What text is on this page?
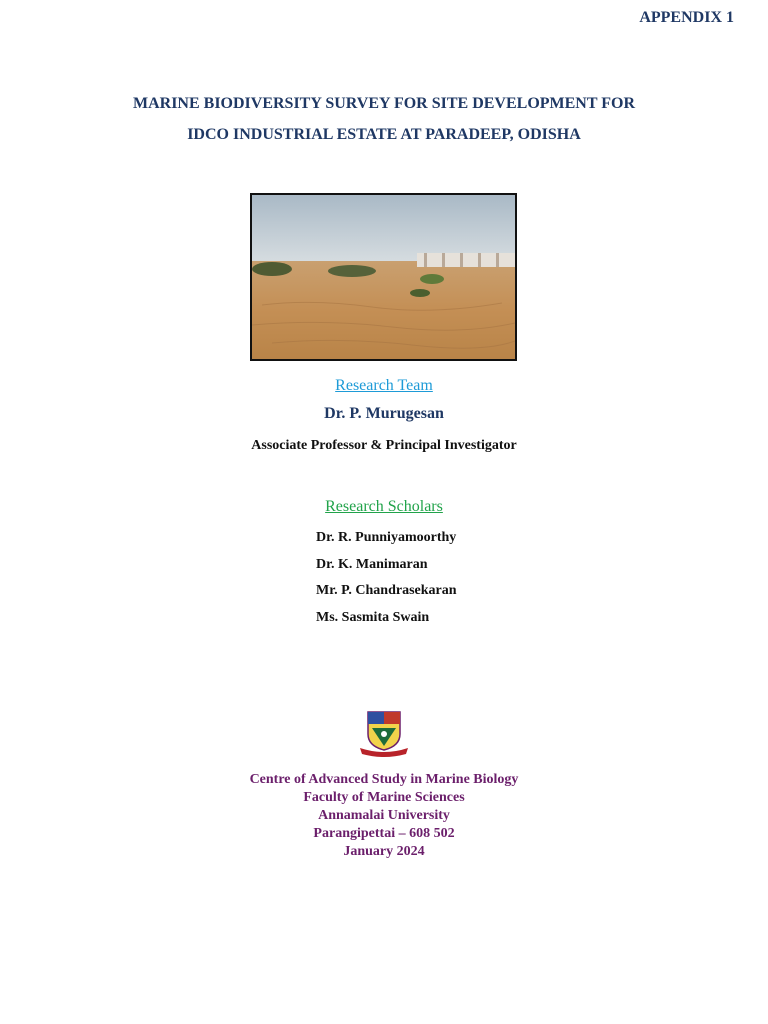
APPENDIX 1
MARINE BIODIVERSITY SURVEY FOR SITE DEVELOPMENT FOR
IDCO INDUSTRIAL ESTATE AT PARADEEP, ODISHA
Research Team
Dr. P. Murugesan
Associate Professor & Principal Investigator
Research Scholars
Dr. R. Punniyamoorthy
Dr. K. Manimaran
Mr. P. Chandrasekaran
Ms. Sasmita Swain
Centre of Advanced Study in Marine Biology
Faculty of Marine Sciences
Annamalai University
Parangipettai – 608 502
January 2024
